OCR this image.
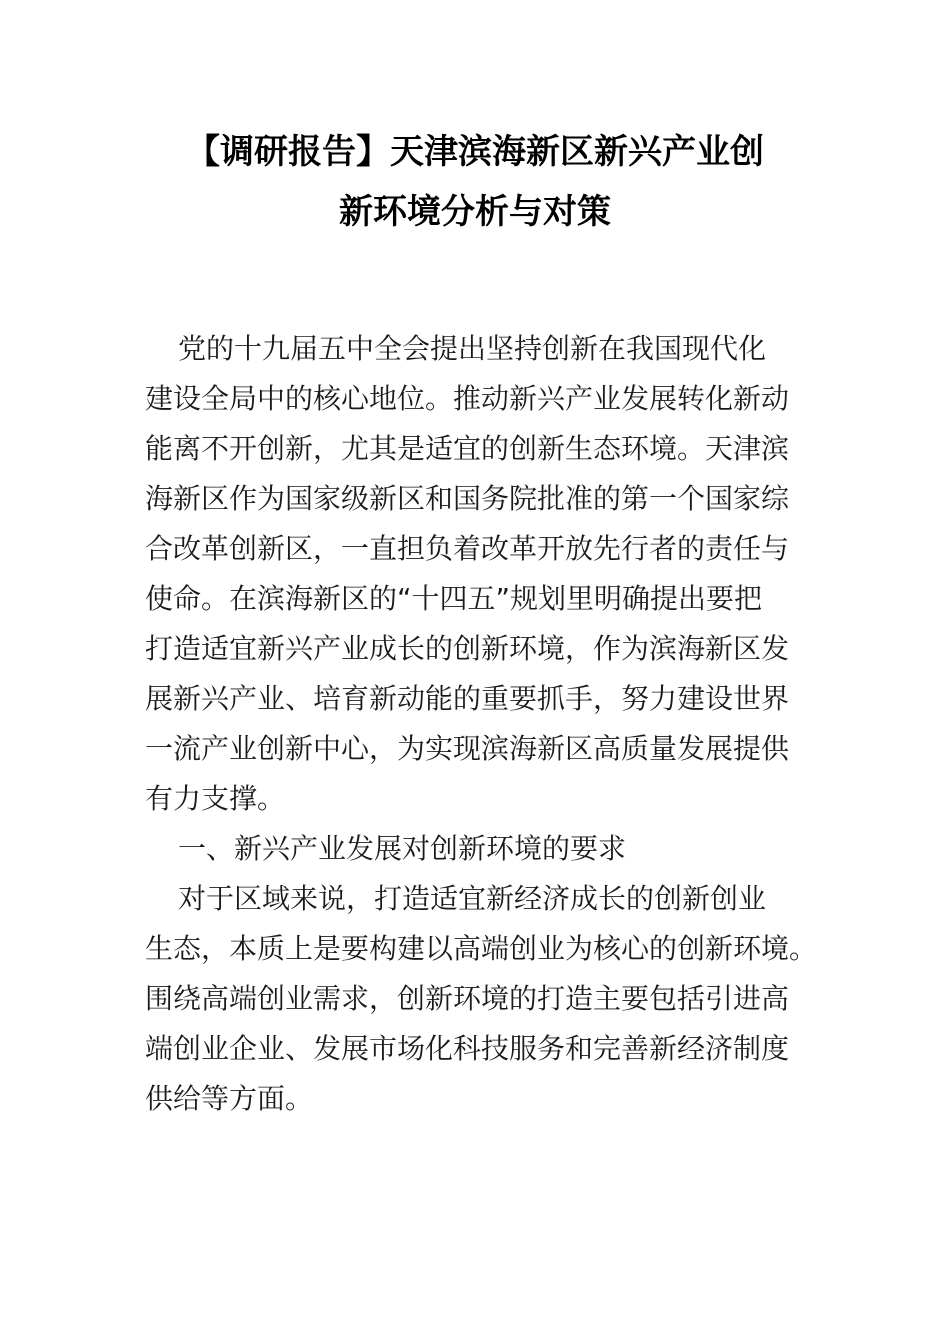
【调研报告】天津滨海新区新兴产业创
新环境分析与对策
党的十九届五中全会提出坚持创新在我国现代化
建设全局中的核心地位。推动新兴产业发展转化新动
能离不开创新，尤其是适宜的创新生态环境。天津滨
海新区作为国家级新区和国务院批准的第一个国家综
合改革创新区，一直担负着改革开放先行者的责任与
使命。在滨海新区的“十四五”规划里明确提出要把
打造适宜新兴产业成长的创新环境，作为滨海新区发
展新兴产业、培育新动能的重要抓手，努力建设世界
一流产业创新中心，为实现滨海新区高质量发展提供
有力支撑。
一、新兴产业发展对创新环境的要求
对于区域来说，打造适宜新经济成长的创新创业
生态，本质上是要构建以高端创业为核心的创新环境。
围绕高端创业需求，创新环境的打造主要包括引进高
端创业企业、发展市场化科技服务和完善新经济制度
供给等方面。
